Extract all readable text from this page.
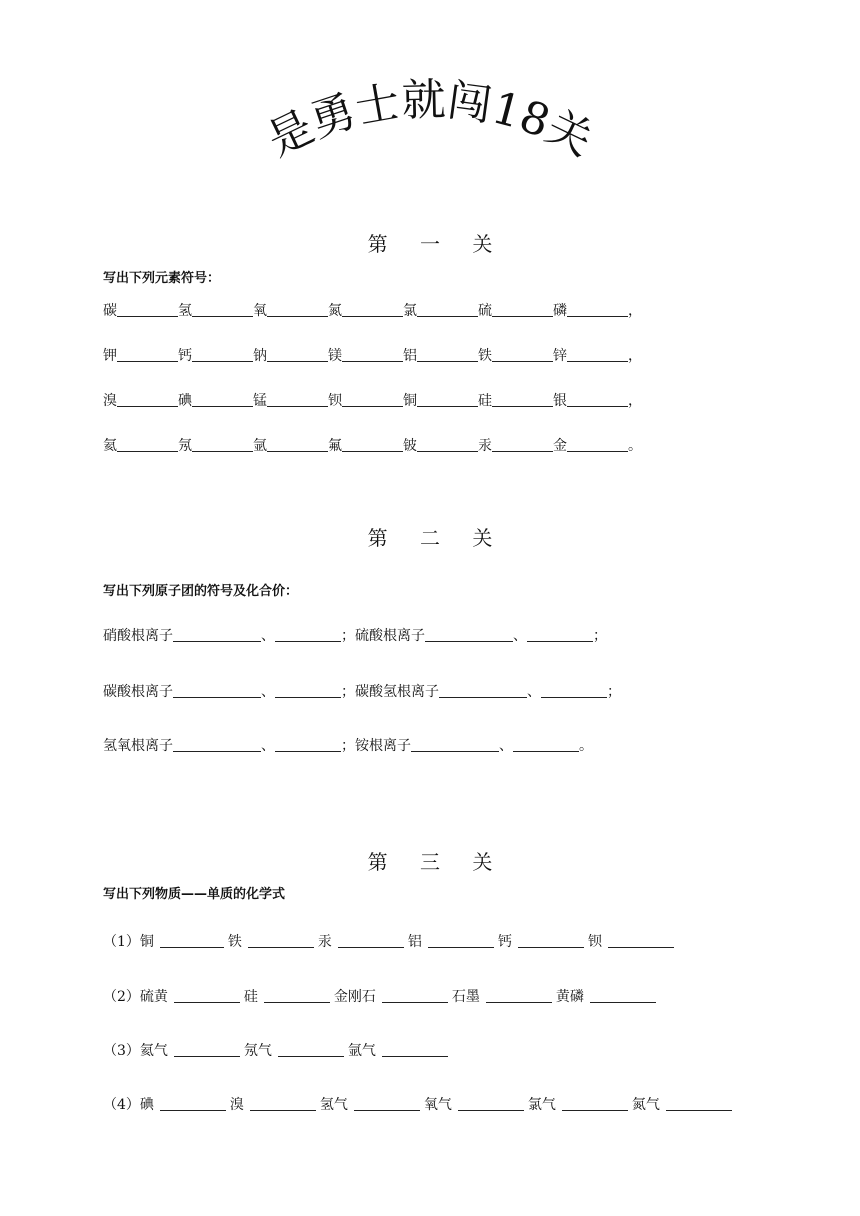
是勇士就闯18关
第 一 关
写出下列元素符号：
碳	氢	氧	氮	氯	硫	磷	，
钾	钙	钠	镁	铝	铁	锌	，
溴	碘	锰	钡	铜	硅	银	，
氦	氖	氩	氟	铍	汞	金	。
第 二 关
写出下列原子团的符号及化合价：
硝酸根离子	、	； 硫酸根离子	、	；
碳酸根离子	、	； 碳酸氢根离子	、	；
氢氧根离子	、	； 铵根离子	、	。
第 三 关
写出下列物质——单质的化学式
（1） 铜	铁	汞	铝	钙	钡
（2） 硫黄	硅	金刚石	石墨	黄磷
（3） 氦气	氖气	氩气
（4） 碘	溴	氢气	氧气	氯气	氮气
